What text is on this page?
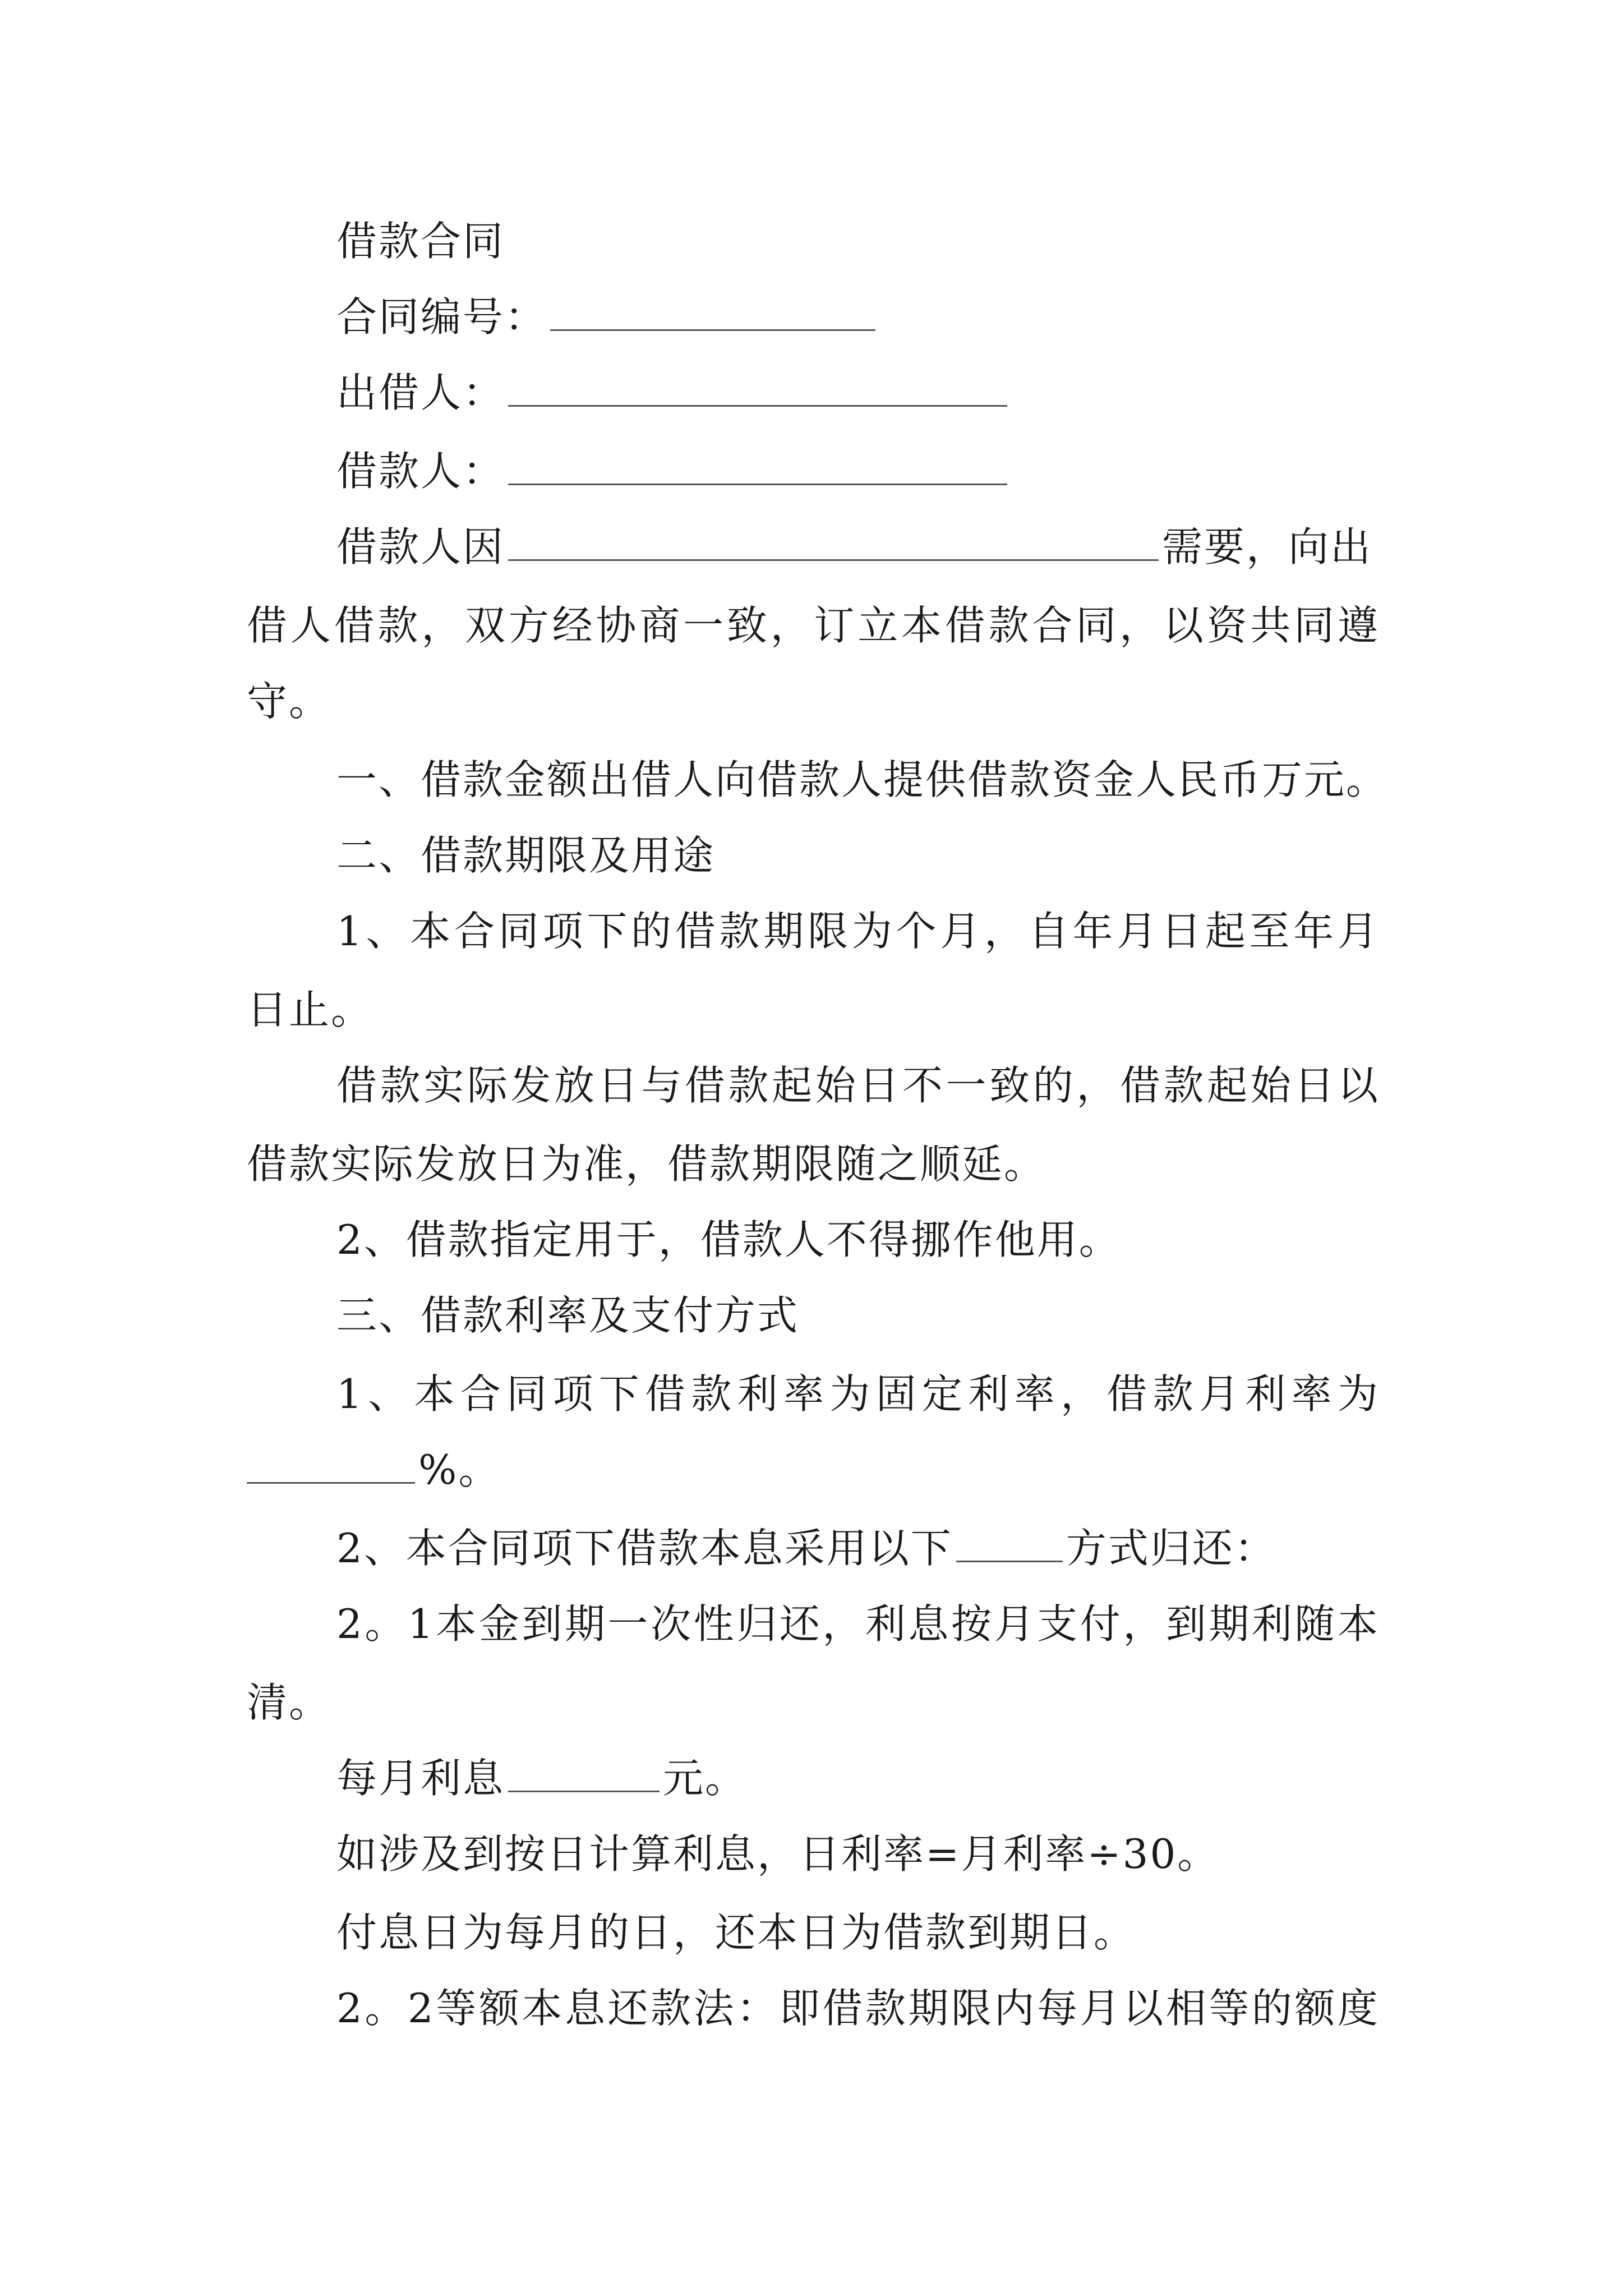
借款合同
合同编号：
出借人：
借款人：
借款人因	需要，向出
借人借款，双方经协商一致，订立本借款合同，以资共同遵
守。
一、借款金额出借人向借款人提供借款资金人民币万元。
二、借款期限及用途
1、本合同项下的借款期限为个月，自年月日起至年月
日止。
借款实际发放日与借款起始日不一致的，借款起始日以
借款实际发放日为准，借款期限随之顺延。
2、借款指定用于，借款人不得挪作他用。
三、借款利率及支付方式
1、本合同项下借款利率为固定利率，借款月利率为
%。
2、本合同项下借款本息采用以下	方式归还：
2。1本金到期一次性归还，利息按月支付，到期利随本
清。
每月利息	元。
如涉及到按日计算利息，日利率=月利率÷30。
付息日为每月的日，还本日为借款到期日。
2。2等额本息还款法：即借款期限内每月以相等的额度
